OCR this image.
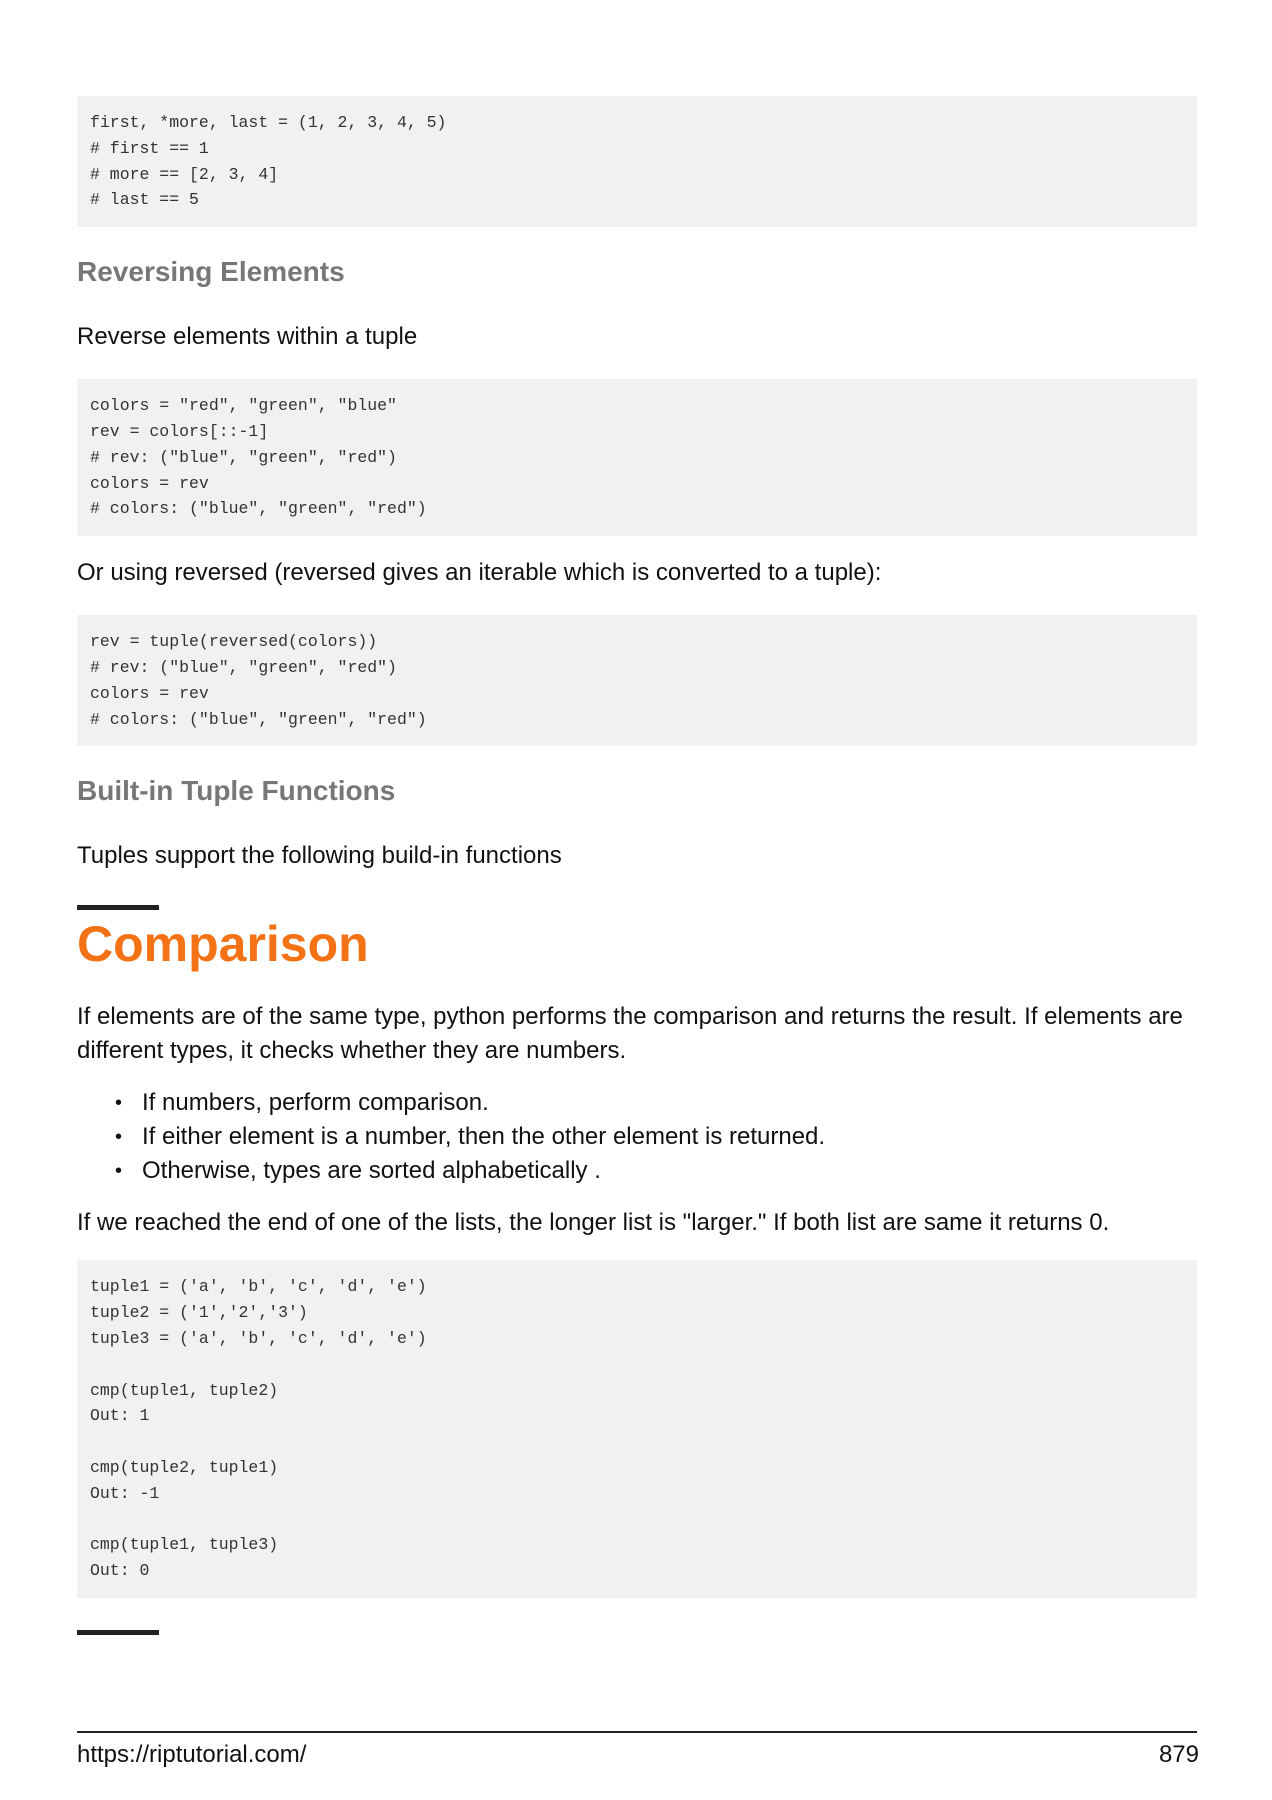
first, *more, last = (1, 2, 3, 4, 5)
# first == 1
# more == [2, 3, 4]
# last == 5
Reversing Elements

Reverse elements within a tuple

colors = "red", "green", "blue"
rev = colors[::-1]
# rev: ("blue", "green", "red")
colors = rev
# colors: ("blue", "green", "red")

Or using reversed (reversed gives an iterable which is converted to a tuple):

rev = tuple(reversed(colors))
# rev: ("blue", "green", "red")
colors = rev
# colors: ("blue", "green", "red")
Built-in Tuple Functions

Tuples support the following build-in functions

Comparison

If elements are of the same type, python performs the comparison and returns the result. If elements are different types, it checks whether they are numbers.

• If numbers, perform comparison.
• If either element is a number, then the other element is returned.
• Otherwise, types are sorted alphabetically .

If we reached the end of one of the lists, the longer list is "larger." If both list are same it returns 0.

tuple1 = ('a', 'b', 'c', 'd', 'e')
tuple2 = ('1','2','3')
tuple3 = ('a', 'b', 'c', 'd', 'e')

cmp(tuple1, tuple2)
Out: 1

cmp(tuple2, tuple1)
Out: -1

cmp(tuple1, tuple3)
Out: 0
https://riptutorial.com/	879
